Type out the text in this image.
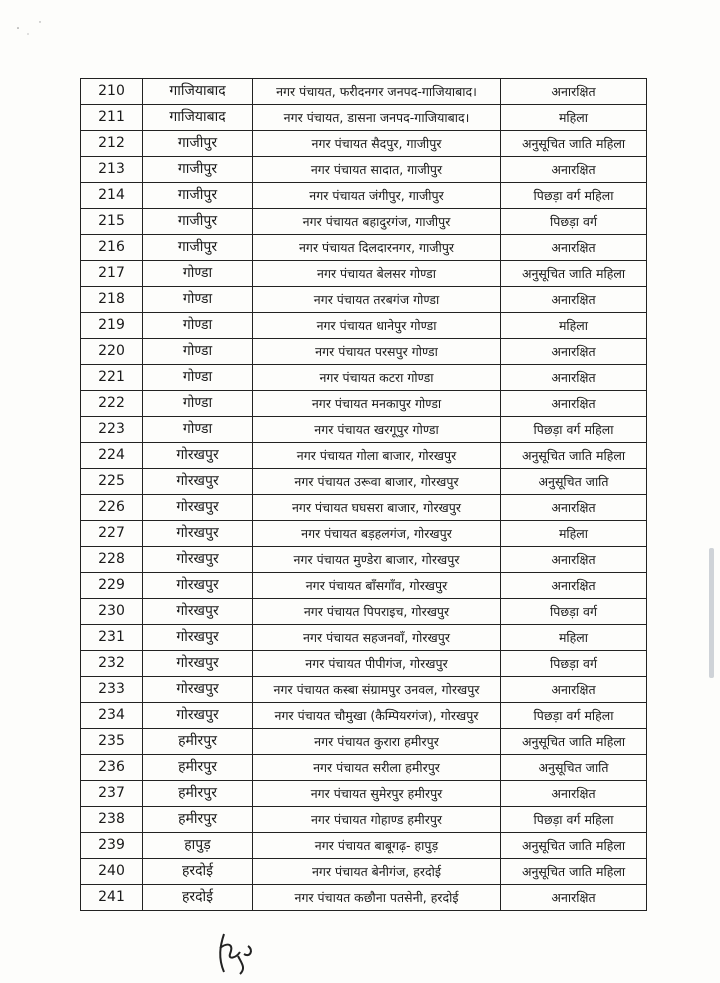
210	गाजियाबाद	नगर पंचायत, फरीदनगर जनपद-गाजियाबाद।	अनारक्षित
211	गाजियाबाद	नगर पंचायत, डासना जनपद-गाजियाबाद।	महिला
212	गाजीपुर	नगर पंचायत सैदपुर, गाजीपुर	अनुसूचित जाति महिला
213	गाजीपुर	नगर पंचायत सादात, गाजीपुर	अनारक्षित
214	गाजीपुर	नगर पंचायत जंगीपुर, गाजीपुर	पिछड़ा वर्ग महिला
215	गाजीपुर	नगर पंचायत बहादुरगंज, गाजीपुर	पिछड़ा वर्ग
216	गाजीपुर	नगर पंचायत दिलदारनगर, गाजीपुर	अनारक्षित
217	गोण्डा	नगर पंचायत बेलसर गोण्डा	अनुसूचित जाति महिला
218	गोण्डा	नगर पंचायत तरबगंज गोण्डा	अनारक्षित
219	गोण्डा	नगर पंचायत धानेपुर गोण्डा	महिला
220	गोण्डा	नगर पंचायत परसपुर गोण्डा	अनारक्षित
221	गोण्डा	नगर पंचायत कटरा गोण्डा	अनारक्षित
222	गोण्डा	नगर पंचायत मनकापुर गोण्डा	अनारक्षित
223	गोण्डा	नगर पंचायत खरगूपुर गोण्डा	पिछड़ा वर्ग महिला
224	गोरखपुर	नगर पंचायत गोला बाजार, गोरखपुर	अनुसूचित जाति महिला
225	गोरखपुर	नगर पंचायत उरूवा बाजार, गोरखपुर	अनुसूचित जाति
226	गोरखपुर	नगर पंचायत घघसरा बाजार, गोरखपुर	अनारक्षित
227	गोरखपुर	नगर पंचायत बड़हलगंज, गोरखपुर	महिला
228	गोरखपुर	नगर पंचायत मुण्डेरा बाजार, गोरखपुर	अनारक्षित
229	गोरखपुर	नगर पंचायत बाँसगाँव, गोरखपुर	अनारक्षित
230	गोरखपुर	नगर पंचायत पिपराइच, गोरखपुर	पिछड़ा वर्ग
231	गोरखपुर	नगर पंचायत सहजनवाँ, गोरखपुर	महिला
232	गोरखपुर	नगर पंचायत पीपीगंज, गोरखपुर	पिछड़ा वर्ग
233	गोरखपुर	नगर पंचायत कस्बा संग्रामपुर उनवल, गोरखपुर	अनारक्षित
234	गोरखपुर	नगर पंचायत चौमुखा (कैम्पियरगंज), गोरखपुर	पिछड़ा वर्ग महिला
235	हमीरपुर	नगर पंचायत कुरारा हमीरपुर	अनुसूचित जाति महिला
236	हमीरपुर	नगर पंचायत सरीला हमीरपुर	अनुसूचित जाति
237	हमीरपुर	नगर पंचायत सुमेरपुर हमीरपुर	अनारक्षित
238	हमीरपुर	नगर पंचायत गोहाण्ड हमीरपुर	पिछड़ा वर्ग महिला
239	हापुड़	नगर पंचायत बाबूगढ़- हापुड़	अनुसूचित जाति महिला
240	हरदोई	नगर पंचायत बेनीगंज, हरदोई	अनुसूचित जाति महिला
241	हरदोई	नगर पंचायत कछौना पतसेनी, हरदोई	अनारक्षित
